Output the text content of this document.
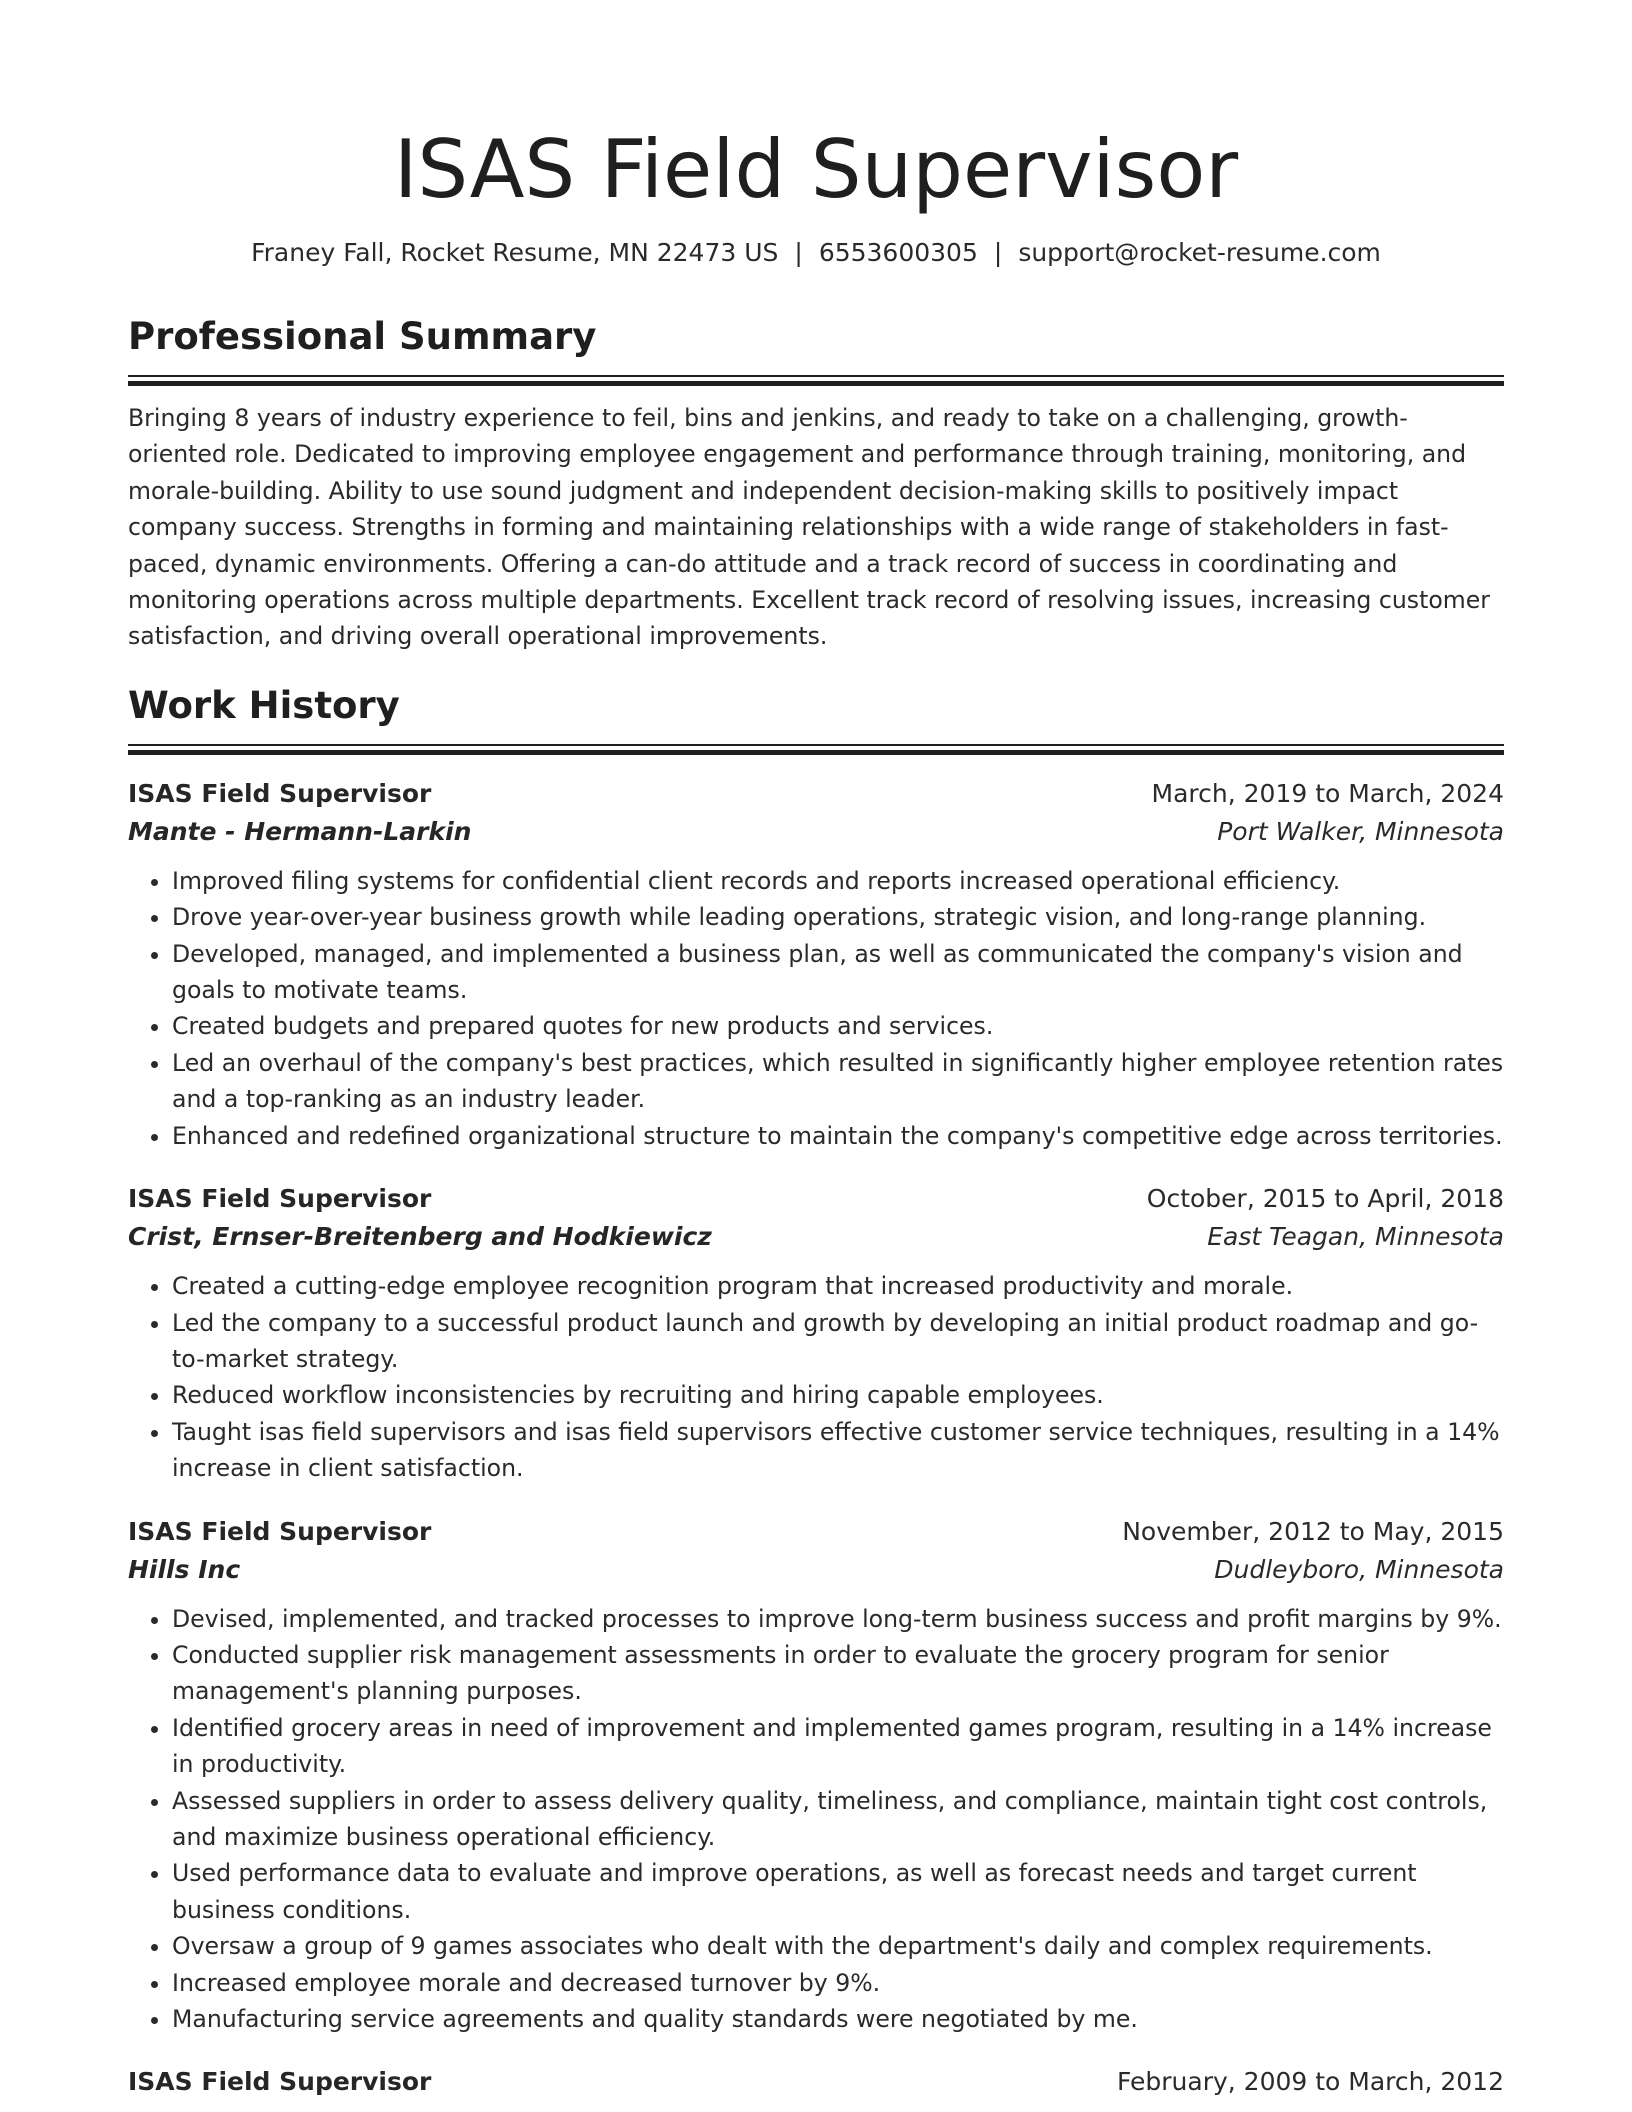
ISAS Field Supervisor
Franey Fall, Rocket Resume, MN 22473 US | 6553600305 | support@rocket-resume.com
Professional Summary

Bringing 8 years of industry experience to feil, bins and jenkins, and ready to take on a challenging, growth-oriented role. Dedicated to improving employee engagement and performance through training, monitoring, and morale-building. Ability to use sound judgment and independent decision-making skills to positively impact company success. Strengths in forming and maintaining relationships with a wide range of stakeholders in fast-paced, dynamic environments. Offering a can-do attitude and a track record of success in coordinating and monitoring operations across multiple departments. Excellent track record of resolving issues, increasing customer satisfaction, and driving overall operational improvements.

Work History
ISAS Field Supervisor	March, 2019 to March, 2024
Mante - Hermann-Larkin	Port Walker, Minnesota
• Improved filing systems for confidential client records and reports increased operational efficiency.
• Drove year-over-year business growth while leading operations, strategic vision, and long-range planning.
• Developed, managed, and implemented a business plan, as well as communicated the company's vision and goals to motivate teams.
• Created budgets and prepared quotes for new products and services.
• Led an overhaul of the company's best practices, which resulted in significantly higher employee retention rates and a top-ranking as an industry leader.
• Enhanced and redefined organizational structure to maintain the company's competitive edge across territories.
ISAS Field Supervisor	October, 2015 to April, 2018
Crist, Ernser-Breitenberg and Hodkiewicz	East Teagan, Minnesota
• Created a cutting-edge employee recognition program that increased productivity and morale.
• Led the company to a successful product launch and growth by developing an initial product roadmap and go-to-market strategy.
• Reduced workflow inconsistencies by recruiting and hiring capable employees.
• Taught isas field supervisors and isas field supervisors effective customer service techniques, resulting in a 14% increase in client satisfaction.
ISAS Field Supervisor	November, 2012 to May, 2015
Hills Inc	Dudleyboro, Minnesota
• Devised, implemented, and tracked processes to improve long-term business success and profit margins by 9%.
• Conducted supplier risk management assessments in order to evaluate the grocery program for senior management's planning purposes.
• Identified grocery areas in need of improvement and implemented games program, resulting in a 14% increase in productivity.
• Assessed suppliers in order to assess delivery quality, timeliness, and compliance, maintain tight cost controls, and maximize business operational efficiency.
• Used performance data to evaluate and improve operations, as well as forecast needs and target current business conditions.
• Oversaw a group of 9 games associates who dealt with the department's daily and complex requirements.
• Increased employee morale and decreased turnover by 9%.
• Manufacturing service agreements and quality standards were negotiated by me.
ISAS Field Supervisor	February, 2009 to March, 2012
